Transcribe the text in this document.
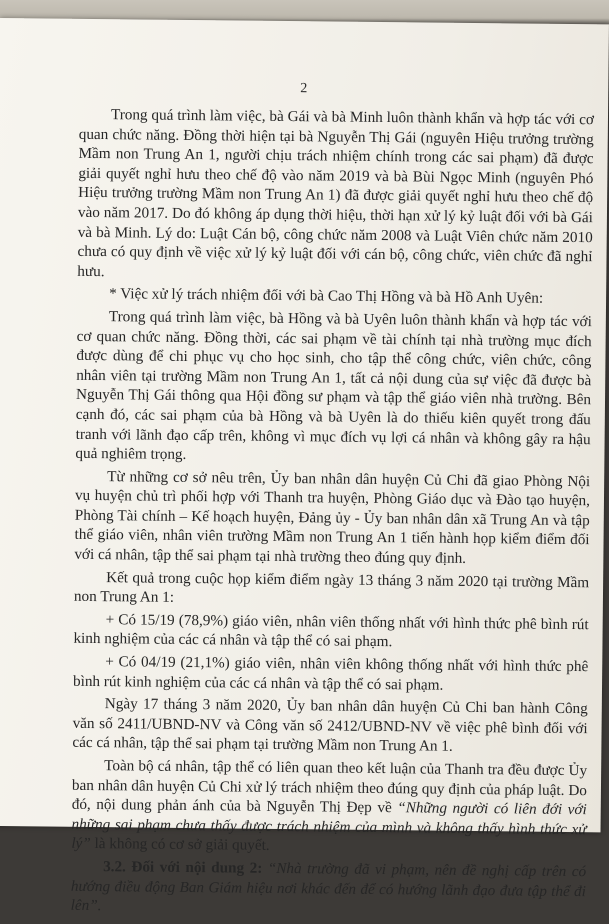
2

Trong quá trình làm việc, bà Gái và bà Minh luôn thành khẩn và hợp tác với cơ quan chức năng. Đồng thời hiện tại bà Nguyễn Thị Gái (nguyên Hiệu trưởng trường Mầm non Trung An 1, người chịu trách nhiệm chính trong các sai phạm) đã được giải quyết nghỉ hưu theo chế độ vào năm 2019 và bà Bùi Ngọc Minh (nguyên Phó Hiệu trưởng trường Mầm non Trung An 1) đã được giải quyết nghỉ hưu theo chế độ vào năm 2017. Do đó không áp dụng thời hiệu, thời hạn xử lý kỷ luật đối với bà Gái và bà Minh. Lý do: Luật Cán bộ, công chức năm 2008 và Luật Viên chức năm 2010 chưa có quy định về việc xử lý kỷ luật đối với cán bộ, công chức, viên chức đã nghỉ hưu.

* Việc xử lý trách nhiệm đối với bà Cao Thị Hồng và bà Hồ Anh Uyên:

Trong quá trình làm việc, bà Hồng và bà Uyên luôn thành khẩn và hợp tác với cơ quan chức năng. Đồng thời, các sai phạm về tài chính tại nhà trường mục đích được dùng để chi phục vụ cho học sinh, cho tập thể công chức, viên chức, công nhân viên tại trường Mầm non Trung An 1, tất cả nội dung của sự việc đã được bà Nguyễn Thị Gái thông qua Hội đồng sư phạm và tập thể giáo viên nhà trường. Bên cạnh đó, các sai phạm của bà Hồng và bà Uyên là do thiếu kiên quyết trong đấu tranh với lãnh đạo cấp trên, không vì mục đích vụ lợi cá nhân và không gây ra hậu quả nghiêm trọng.

Từ những cơ sở nêu trên, Ủy ban nhân dân huyện Củ Chi đã giao Phòng Nội vụ huyện chủ trì phối hợp với Thanh tra huyện, Phòng Giáo dục và Đào tạo huyện, Phòng Tài chính – Kế hoạch huyện, Đảng ủy - Ủy ban nhân dân xã Trung An và tập thể giáo viên, nhân viên trường Mầm non Trung An 1 tiến hành họp kiểm điểm đối với cá nhân, tập thể sai phạm tại nhà trường theo đúng quy định.

Kết quả trong cuộc họp kiểm điểm ngày 13 tháng 3 năm 2020 tại trường Mầm non Trung An 1:

+ Có 15/19 (78,9%) giáo viên, nhân viên thống nhất với hình thức phê bình rút kinh nghiệm của các cá nhân và tập thể có sai phạm.

+ Có 04/19 (21,1%) giáo viên, nhân viên không thống nhất với hình thức phê bình rút kinh nghiệm của các cá nhân và tập thể có sai phạm.

Ngày 17 tháng 3 năm 2020, Ủy ban nhân dân huyện Củ Chi ban hành Công văn số 2411/UBND-NV và Công văn số 2412/UBND-NV về việc phê bình đối với các cá nhân, tập thể sai phạm tại trường Mầm non Trung An 1.

Toàn bộ cá nhân, tập thể có liên quan theo kết luận của Thanh tra đều được Ủy ban nhân dân huyện Củ Chi xử lý trách nhiệm theo đúng quy định của pháp luật. Do đó, nội dung phản ánh của bà Nguyễn Thị Đẹp về “Những người có liên đới với những sai phạm chưa thấy được trách nhiệm của mình và không thấy hình thức xử lý” là không có cơ sở giải quyết.

3.2. Đối với nội dung 2: “Nhà trường đã vi phạm, nên đề nghị cấp trên có hướng điều động Ban Giám hiệu nơi khác đến để có hướng lãnh đạo đưa tập thể đi lên”.
